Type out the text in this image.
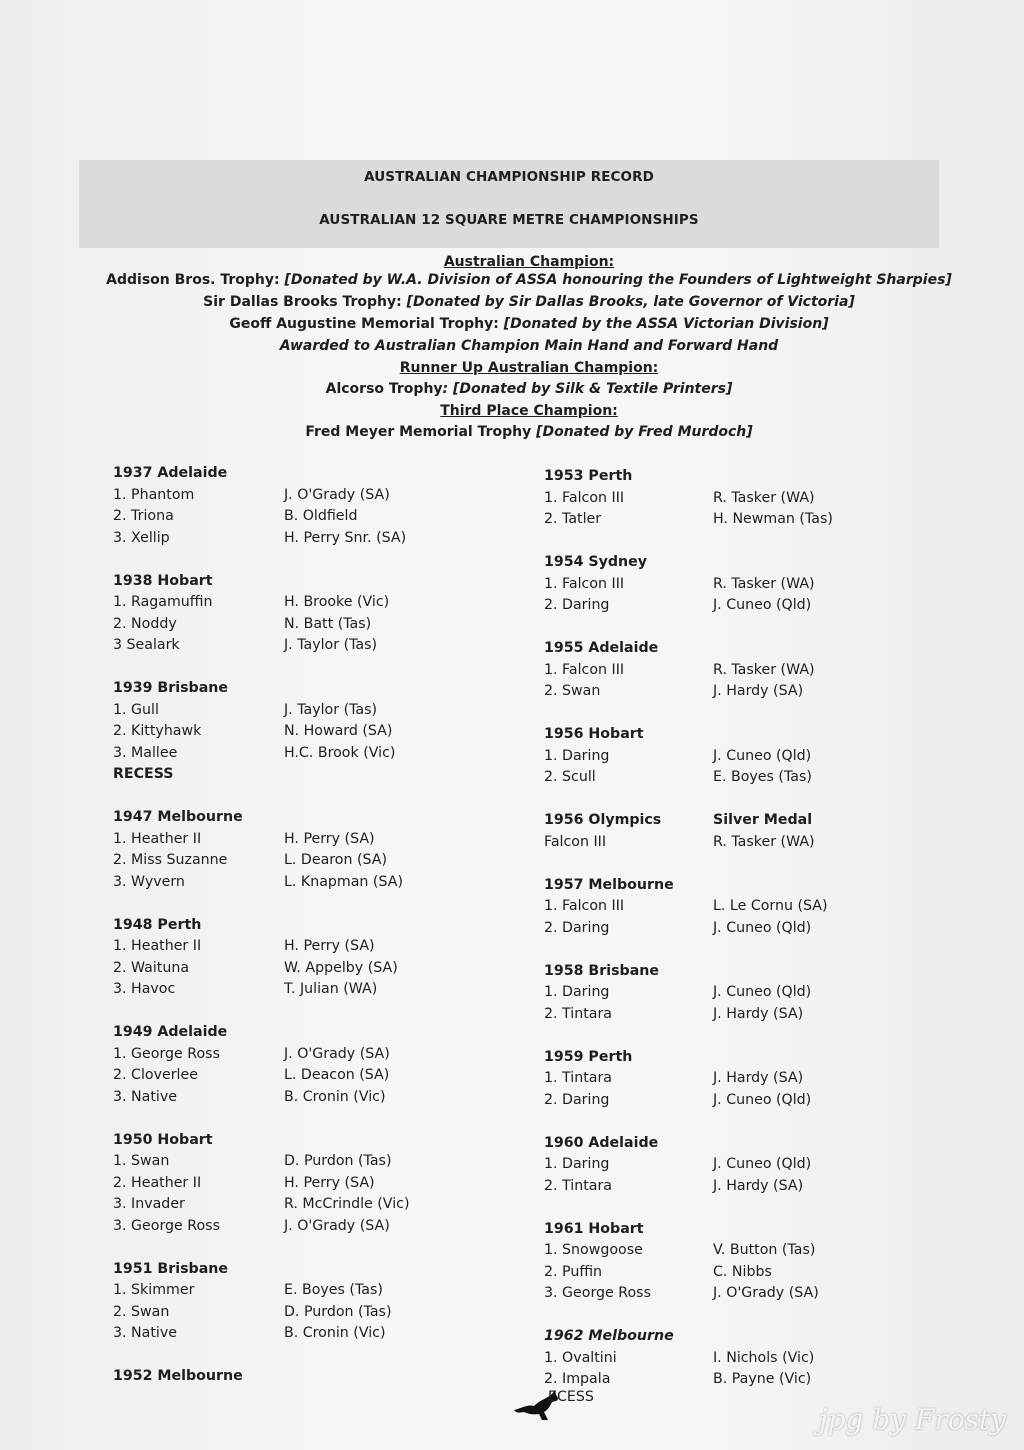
AUSTRALIAN CHAMPIONSHIP RECORD
AUSTRALIAN 12 SQUARE METRE CHAMPIONSHIPS
Australian Champion:
Addison Bros. Trophy: [Donated by W.A. Division of ASSA honouring the Founders of Lightweight Sharpies]
Sir Dallas Brooks Trophy: [Donated by Sir Dallas Brooks, late Governor of Victoria]
Geoff Augustine Memorial Trophy: [Donated by the ASSA Victorian Division]
Awarded to Australian Champion Main Hand and Forward Hand
Runner Up Australian Champion:
Alcorso Trophy: [Donated by Silk & Textile Printers]
Third Place Champion:
Fred Meyer Memorial Trophy [Donated by Fred Murdoch]
1937 Adelaide
1. Phantom	J. O'Grady (SA)
2. Triona	B. Oldfield
3. Xellip	H. Perry Snr. (SA)
1938 Hobart
1. Ragamuffin	H. Brooke (Vic)
2. Noddy	N. Batt (Tas)
3 Sealark	J. Taylor (Tas)
1939 Brisbane
1. Gull	J. Taylor (Tas)
2. Kittyhawk	N. Howard (SA)
3. Mallee	H.C. Brook (Vic)
RECESS
1947 Melbourne
1. Heather II	H. Perry (SA)
2. Miss Suzanne	L. Dearon (SA)
3. Wyvern	L. Knapman (SA)
1948 Perth
1. Heather II	H. Perry (SA)
2. Waituna	W. Appelby (SA)
3. Havoc	T. Julian (WA)
1949 Adelaide
1. George Ross	J. O'Grady (SA)
2. Cloverlee	L. Deacon (SA)
3. Native	B. Cronin (Vic)
1950 Hobart
1. Swan	D. Purdon (Tas)
2. Heather II	H. Perry (SA)
3. Invader	R. McCrindle (Vic)
3. George Ross	J. O'Grady (SA)
1951 Brisbane
1. Skimmer	E. Boyes (Tas)
2. Swan	D. Purdon (Tas)
3. Native	B. Cronin (Vic)
1952 Melbourne
1953 Perth
1. Falcon III	R. Tasker (WA)
2. Tatler	H. Newman (Tas)
1954 Sydney
1. Falcon III	R. Tasker (WA)
2. Daring	J. Cuneo (Qld)
1955 Adelaide
1. Falcon III	R. Tasker (WA)
2. Swan	J. Hardy (SA)
1956 Hobart
1. Daring	J. Cuneo (Qld)
2. Scull	E. Boyes (Tas)
1956 Olympics	Silver Medal
Falcon III	R. Tasker (WA)
1957 Melbourne
1. Falcon III	L. Le Cornu (SA)
2. Daring	J. Cuneo (Qld)
1958 Brisbane
1. Daring	J. Cuneo (Qld)
2. Tintara	J. Hardy (SA)
1959 Perth
1. Tintara	J. Hardy (SA)
2. Daring	J. Cuneo (Qld)
1960 Adelaide
1. Daring	J. Cuneo (Qld)
2. Tintara	J. Hardy (SA)
1961 Hobart
1. Snowgoose	V. Button (Tas)
2. Puffin	C. Nibbs
3. George Ross	J. O'Grady (SA)
1962 Melbourne
1. Ovaltini	I. Nichols (Vic)
2. Impala	B. Payne (Vic)
ECESS
jpg by Frosty
